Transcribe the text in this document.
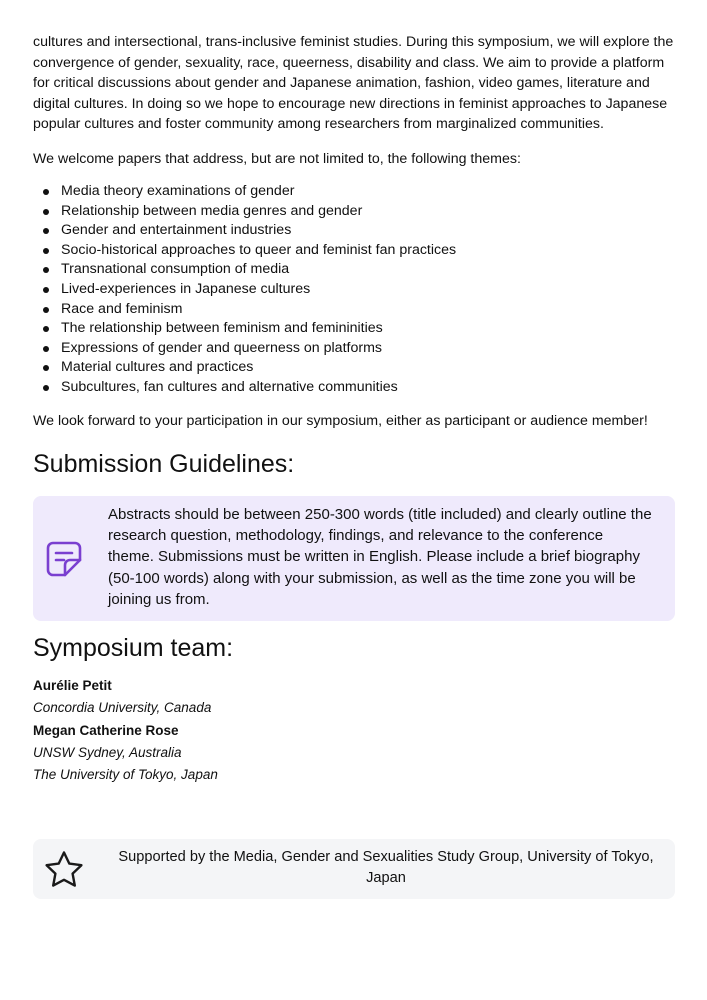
cultures and intersectional, trans-inclusive feminist studies. During this symposium, we will explore the convergence of gender, sexuality, race, queerness, disability and class. We aim to provide a platform for critical discussions about gender and Japanese animation, fashion, video games, literature and digital cultures. In doing so we hope to encourage new directions in feminist approaches to Japanese popular cultures and foster community among researchers from marginalized communities.

We welcome papers that address, but are not limited to, the following themes:

Media theory examinations of gender
Relationship between media genres and gender
Gender and entertainment industries
Socio-historical approaches to queer and feminist fan practices
Transnational consumption of media
Lived-experiences in Japanese cultures
Race and feminism
The relationship between feminism and femininities
Expressions of gender and queerness on platforms
Material cultures and practices
Subcultures, fan cultures and alternative communities

We look forward to your participation in our symposium, either as participant or audience member!

Submission Guidelines:

Abstracts should be between 250-300 words (title included) and clearly outline the research question, methodology, findings, and relevance to the conference theme. Submissions must be written in English. Please include a brief biography (50-100 words) along with your submission, as well as the time zone you will be joining us from.

Symposium team:
Aurélie Petit
Concordia University, Canada
Megan Catherine Rose
UNSW Sydney, Australia
The University of Tokyo, Japan

Supported by the Media, Gender and Sexualities Study Group, University of Tokyo, Japan
